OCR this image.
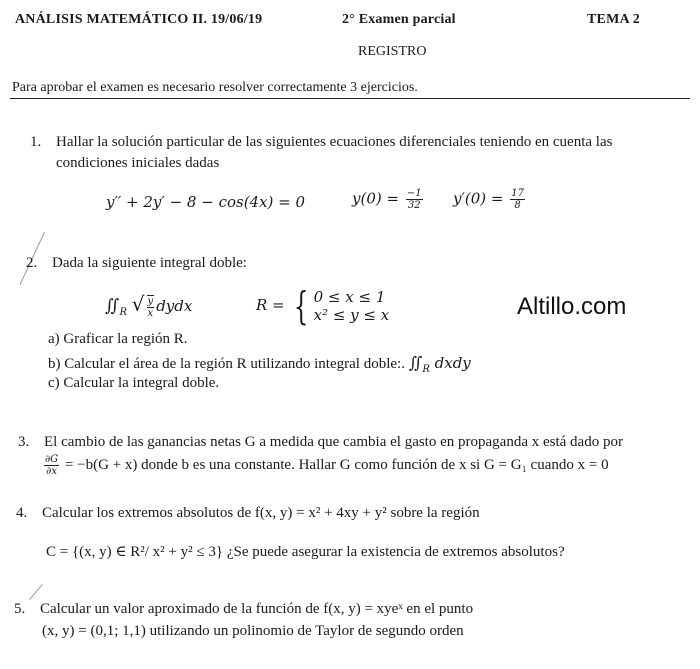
ANÁLISIS MATEMÁTICO II. 19/06/19	2° Examen parcial	TEMA 2
REGISTRO
Para aprobar el examen es necesario resolver correctamente 3 ejercicios.
1. Hallar la solución particular de las siguientes ecuaciones diferenciales teniendo en cuenta las
condiciones iniciales dadas
y′′ + 2y′ − 8 − cos(4x) = 0	$y(0) = \frac{-1}{32} y'(0) = \frac{17}{8}$
2. Dada la siguiente integral doble:
$∬_R$ √ $\frac{y}{x}$ dydx	R = { 0 ≤ x ≤ 1
x² ≤ y ≤ x	Altillo.com
a) Graficar la región R.
b) Calcular el área de la región R utilizando integral doble:. $∬_R$ dxdy
c) Calcular la integral doble.
3. El cambio de las ganancias netas G a medida que cambia el gasto en propaganda x está dado por
$\frac{\partial G}{\partial x} = -b(G + x)$ donde b es una constante. Hallar G como función de x si G = G₁ cuando x = 0
4. Calcular los extremos absolutos de f(x, y) = x² + 4xy + y² sobre la región
C = {(x, y) ∈ R²/ x² + y² ≤ 3} ¿Se puede asegurar la existencia de extremos absolutos?
5. Calcular un valor aproximado de la función de f(x, y) = xyeˣ en el punto
(x, y) = (0,1; 1,1) utilizando un polinomio de Taylor de segundo orden
